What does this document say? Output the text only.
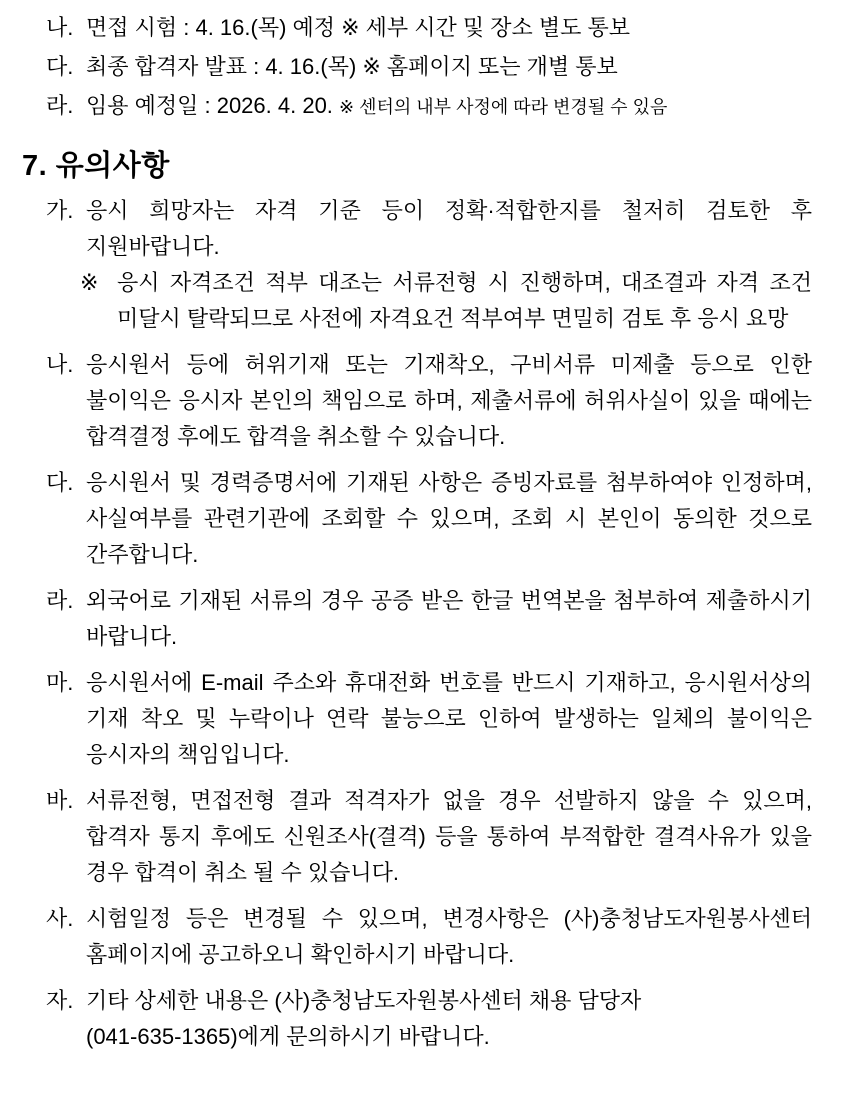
나. 면접 시험 : 4. 16.(목) 예정 ※ 세부 시간 및 장소 별도 통보
다. 최종 합격자 발표 : 4. 16.(목) ※ 홈페이지 또는 개별 통보
라. 임용 예정일 : 2026. 4. 20. ※ 센터의 내부 사정에 따라 변경될 수 있음
7. 유의사항

가. 응시 희망자는 자격 기준 등이 정확·적합한지를 철저히 검토한 후 지원바랍니다.

※ 응시 자격조건 적부 대조는 서류전형 시 진행하며, 대조결과 자격 조건 미달시 탈락되므로 사전에 자격요건 적부여부 면밀히 검토 후 응시 요망

나. 응시원서 등에 허위기재 또는 기재착오, 구비서류 미제출 등으로 인한 불이익은 응시자 본인의 책임으로 하며, 제출서류에 허위사실이 있을 때에는 합격결정 후에도 합격을 취소할 수 있습니다.

다. 응시원서 및 경력증명서에 기재된 사항은 증빙자료를 첨부하여야 인정하며, 사실여부를 관련기관에 조회할 수 있으며, 조회 시 본인이 동의한 것으로 간주합니다.

라. 외국어로 기재된 서류의 경우 공증 받은 한글 번역본을 첨부하여 제출하시기 바랍니다.

마. 응시원서에 E-mail 주소와 휴대전화 번호를 반드시 기재하고, 응시원서상의 기재 착오 및 누락이나 연락 불능으로 인하여 발생하는 일체의 불이익은 응시자의 책임입니다.

바. 서류전형, 면접전형 결과 적격자가 없을 경우 선발하지 않을 수 있으며, 합격자 통지 후에도 신원조사(결격) 등을 통하여 부적합한 결격사유가 있을 경우 합격이 취소 될 수 있습니다.

사. 시험일정 등은 변경될 수 있으며, 변경사항은 (사)충청남도자원봉사센터 홈페이지에 공고하오니 확인하시기 바랍니다.

자. 기타 상세한 내용은 (사)충청남도자원봉사센터 채용 담당자
(041-635-1365)에게 문의하시기 바랍니다.
